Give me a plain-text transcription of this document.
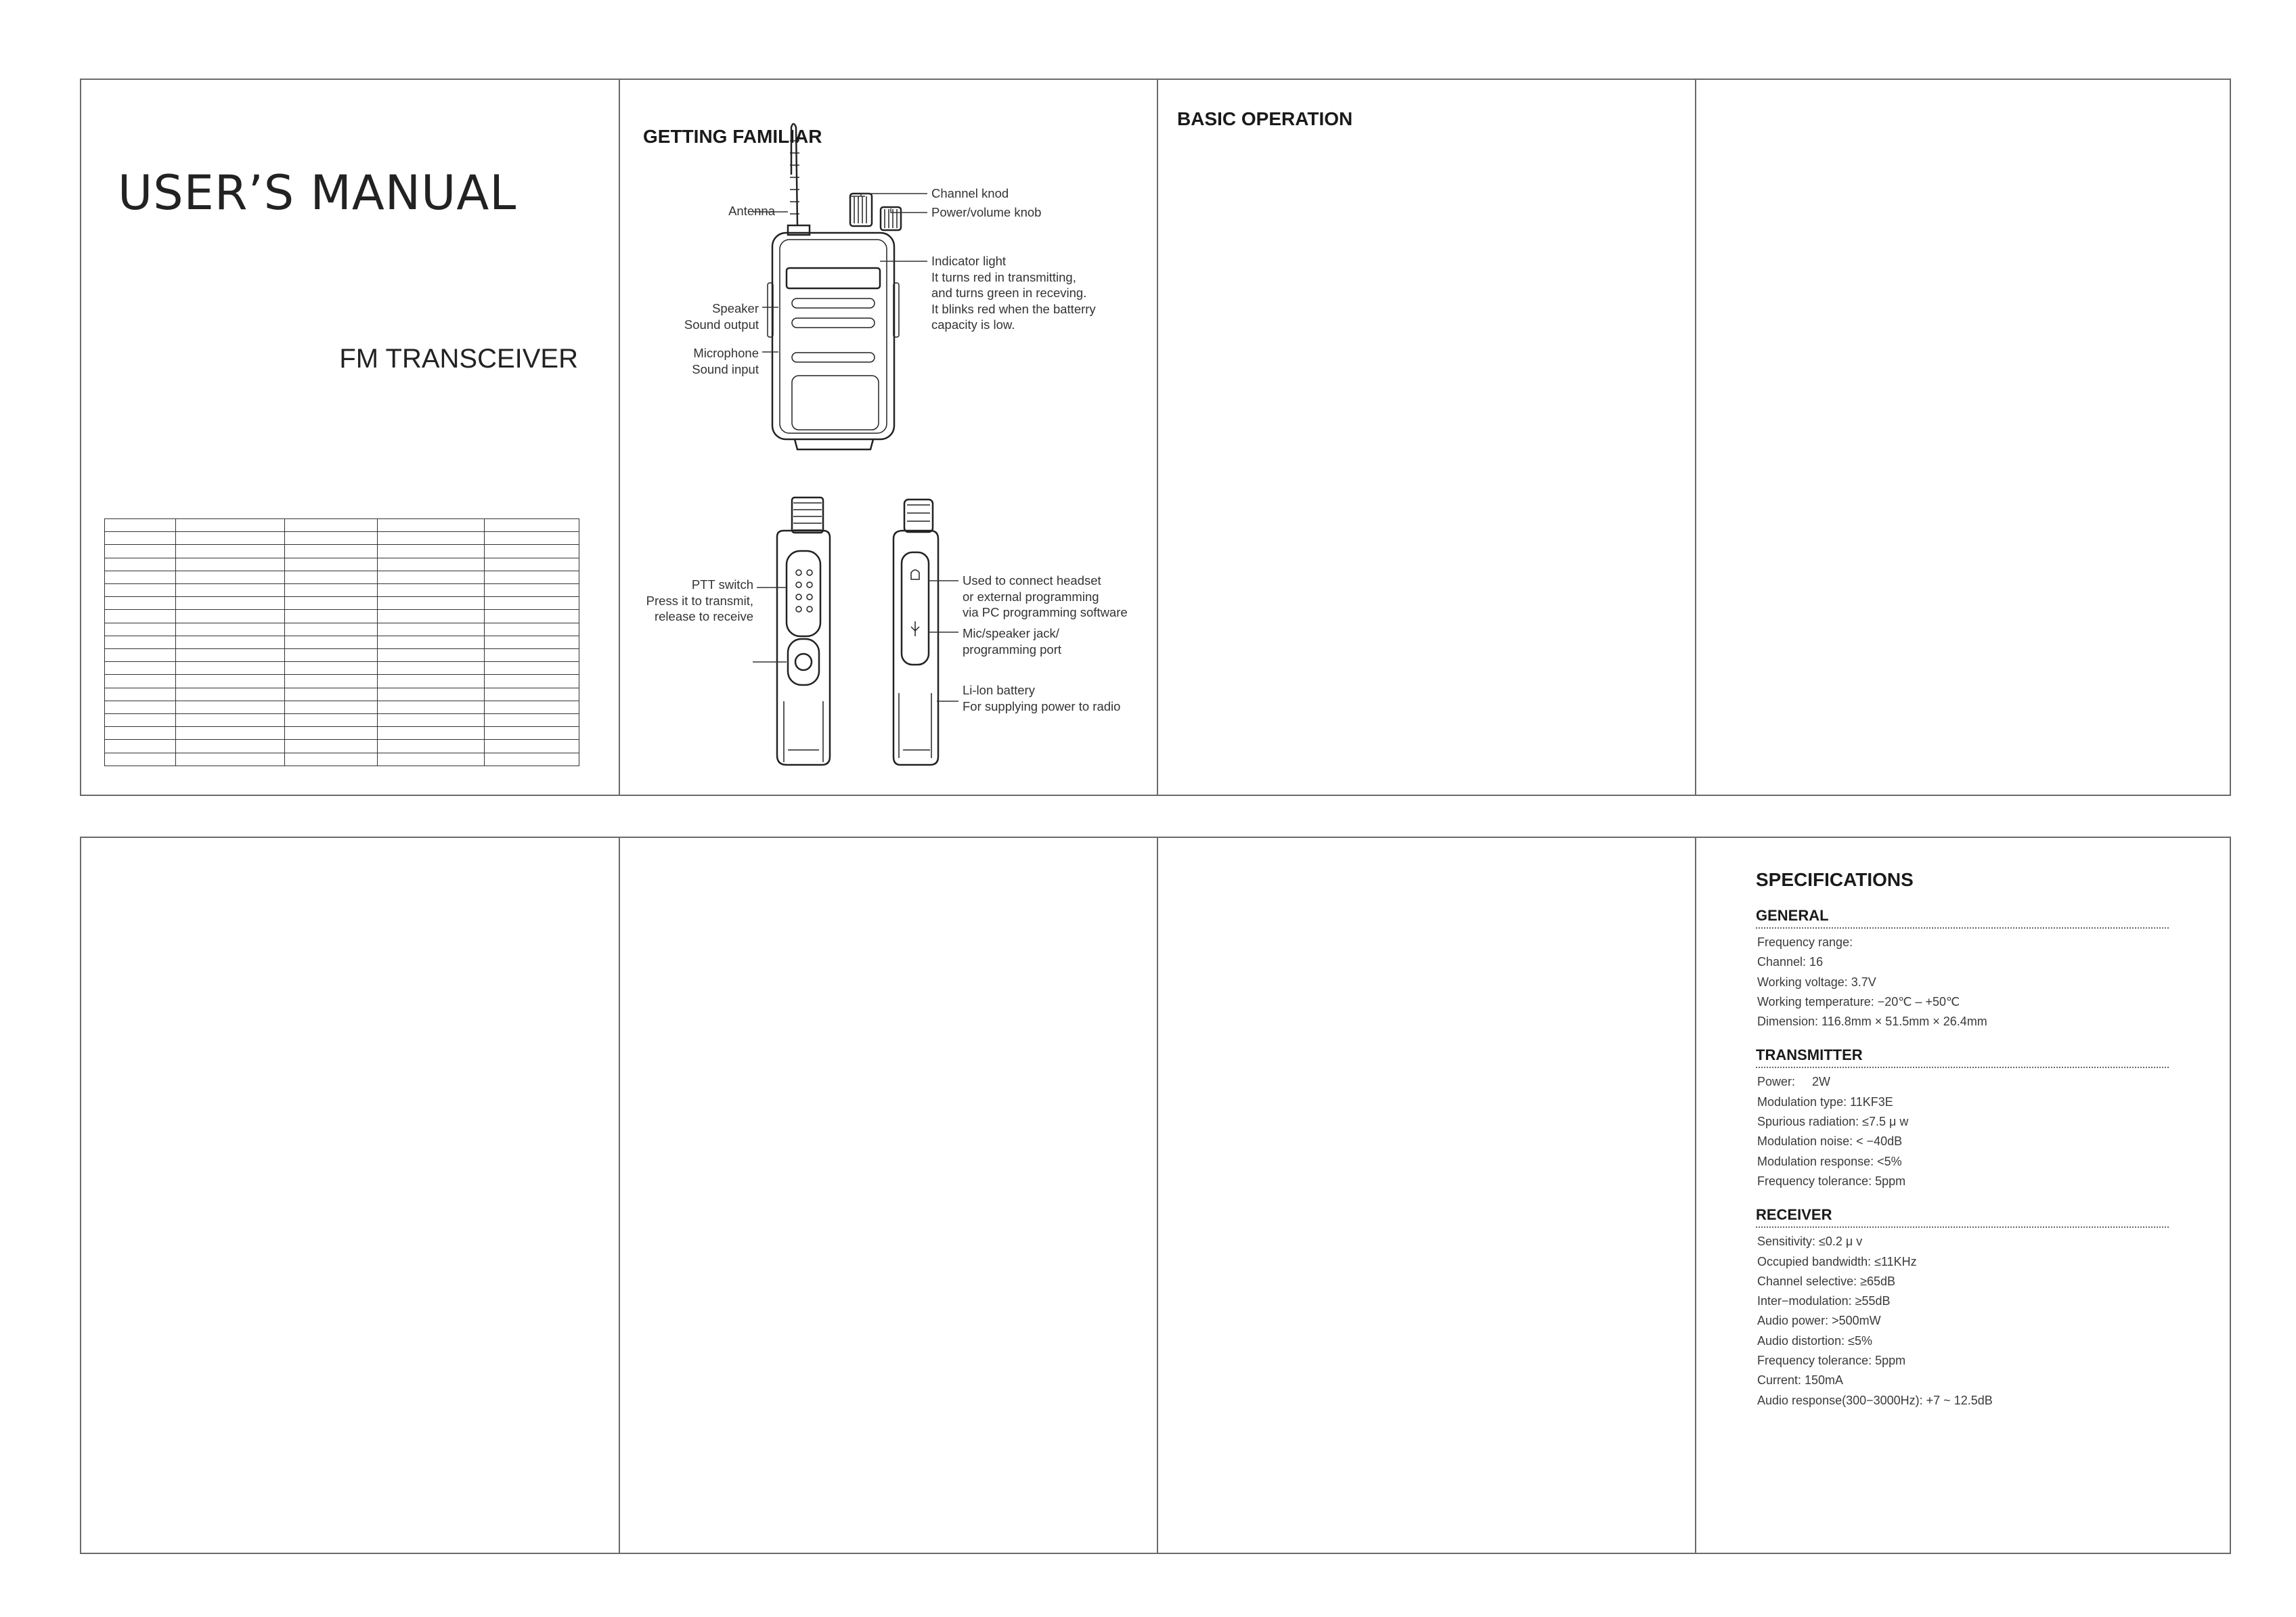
USER’S MANUAL
FM TRANSCEIVER

GETTING FAMILIAR
Antenna
Channel knod
Power/volume knob
Indicator light
It turns red in transmitting,
and turns green in receving.
It blinks red when the batterry
capacity is low.
Speaker
Sound output
Microphone
Sound input
PTT switch
Press it to transmit,
release to receive
Used to connect headset
or external programming
via PC programming software
Mic/speaker jack/
programming port
Li-lon battery
For supplying power to radio
BASIC OPERATION
SPECIFICATIONS
GENERAL
Frequency range:
Channel: 16
Working voltage: 3.7V
Working temperature: −20℃ – +50℃
Dimension: 116.8mm × 51.5mm × 26.4mm
TRANSMITTER
Power:     2W
Modulation type: 11KF3E
Spurious radiation: ≤7.5 μ w
Modulation noise: < −40dB
Modulation response: <5%
Frequency tolerance: 5ppm
RECEIVER
Sensitivity: ≤0.2 μ v
Occupied bandwidth: ≤11KHz
Channel selective: ≥65dB
Inter−modulation: ≥55dB
Audio power: >500mW
Audio distortion: ≤5%
Frequency tolerance: 5ppm
Current: 150mA
Audio response(300−3000Hz): +7 ~ 12.5dB
